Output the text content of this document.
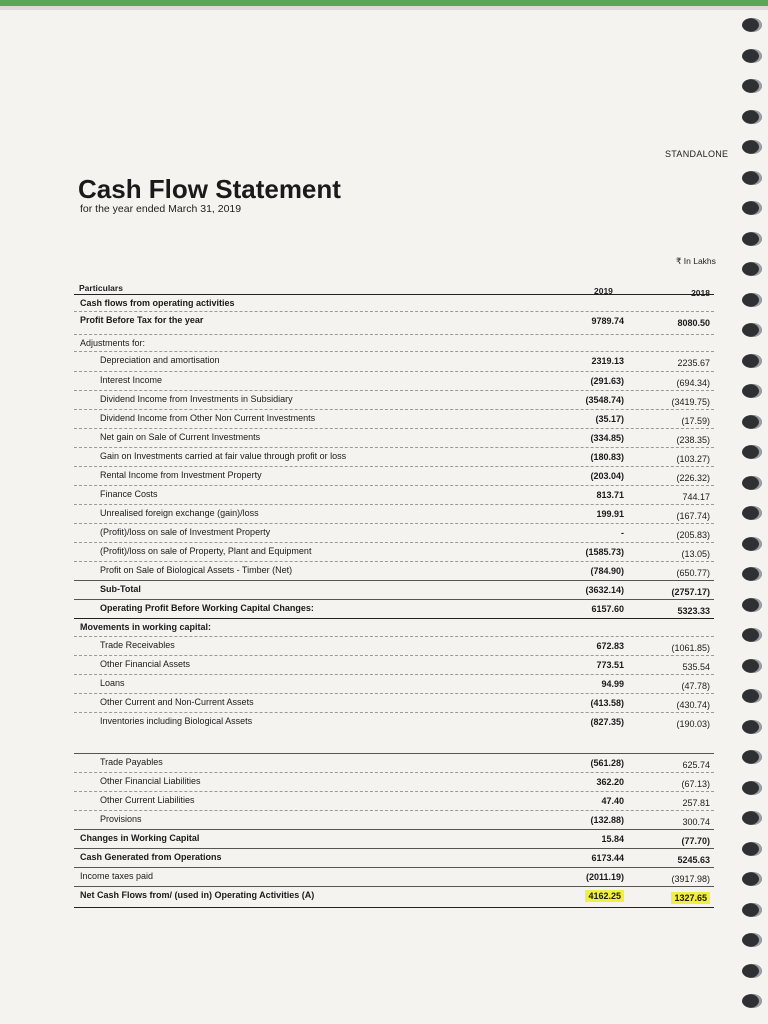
STANDALONE
Cash Flow Statement
for the year ended March 31, 2019
₹ In Lakhs
Particulars	2019	2018
Cash flows from operating activities
Profit Before Tax for the year	9789.74	8080.50
Adjustments for:
Depreciation and amortisation	2319.13	2235.67
Interest Income	(291.63)	(694.34)
Dividend Income from Investments in Subsidiary	(3548.74)	(3419.75)
Dividend Income from Other Non Current Investments	(35.17)	(17.59)
Net gain on Sale of Current Investments	(334.85)	(238.35)
Gain on Investments carried at fair value through profit or loss	(180.83)	(103.27)
Rental Income from Investment Property	(203.04)	(226.32)
Finance Costs	813.71	744.17
Unrealised foreign exchange (gain)/loss	199.91	(167.74)
(Profit)/loss on sale of Investment Property	-	(205.83)
(Profit)/loss on sale of Property, Plant and Equipment	(1585.73)	(13.05)
Profit on Sale of Biological Assets - Timber (Net)	(784.90)	(650.77)
Sub-Total	(3632.14)	(2757.17)
Operating Profit Before Working Capital Changes:	6157.60	5323.33
Movements in working capital:
Trade Receivables	672.83	(1061.85)
Other Financial Assets	773.51	535.54
Loans	94.99	(47.78)
Other Current and Non-Current Assets	(413.58)	(430.74)
Inventories including Biological Assets	(827.35)	(190.03)
Trade Payables	(561.28)	625.74
Other Financial Liabilities	362.20	(67.13)
Other Current Liabilities	47.40	257.81
Provisions	(132.88)	300.74
Changes in Working Capital	15.84	(77.70)
Cash Generated from Operations	6173.44	5245.63
Income taxes paid	(2011.19)	(3917.98)
Net Cash Flows from/ (used in) Operating Activities (A)	4162.25	1327.65
